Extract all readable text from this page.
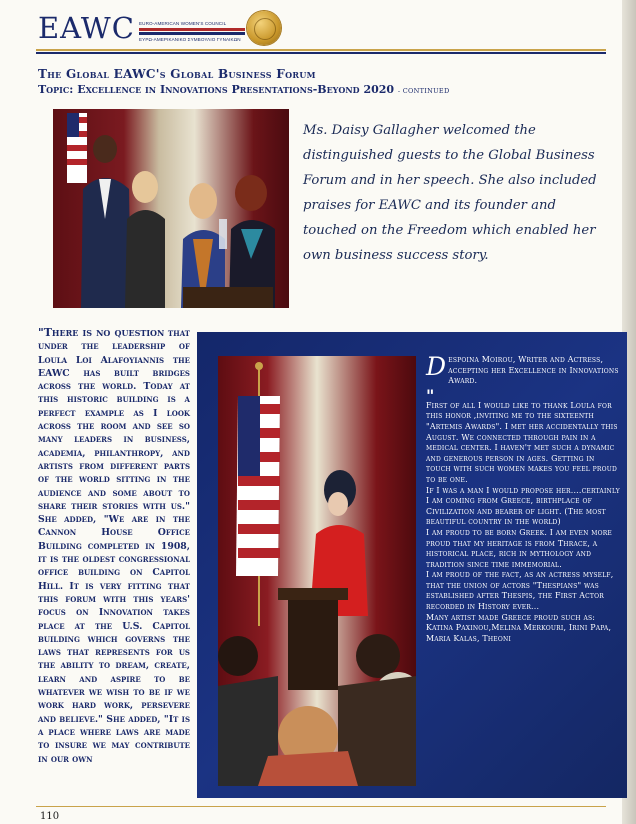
EAWC EURO-AMERICAN WOMEN'S COUNCIL
ΕΥΡΩ-ΑΜΕΡΙΚΑΝΙΚΟ ΣΥΜΒΟΥΛΙΟ ΓΥΝΑΙΚΩΝ
The Global EAWC's Global Business Forum
Topic: Excellence in Innovations Presentations-Beyond 2020 - CONTINUED
Ms. Daisy Gallagher welcomed the distinguished guests to the Global Business Forum and in her speech. She also included praises for EAWC and its founder and touched on the Freedom which enabled her own business success story.
"There is no question that under the leadership of Loula Loi Alafoyiannis the EAWC has built bridges across the world. Today at this historic building is a perfect example as I look across the room and see so many leaders in business, academia, philanthropy, and artists from different parts of the world sitting in the audience and some about to share their stories with us." She added, "We are in the Cannon House Office Building completed in 1908, it is the oldest congressional office building on Capitol Hill. It is very fitting that this forum with this years' focus on Innovation takes place at the U.S. Capitol building which governs the laws that represents for us the ability to dream, create, learn and aspire to be whatever we wish to be if we work hard work, persevere and believe." She added, "It is a place where laws are made to insure we may contribute in our own
D espoina Moirou, Writer and Actress, accepting her Excellence in Innovations Award.
"
First of all I would like to thank Loula for this honor ,inviting me to the sixteenth "Artemis Awards". I met her accidentally this August. We connected through pain in a medical center. I haven't met such a dynamic and generous person in ages. Getting in touch with such women makes you feel proud to be one.
If I was a man I would propose her....certainly
I am coming from Greece, birthplace of Civilization and bearer of light. (The most beautiful country in the world)
I am proud to be born Greek. I am even more proud that my heritage is from Thrace, a historical place, rich in mythology and tradition since time immemorial.
I am proud of the fact, as an actress myself, that the union of actors "Thespians" was established after Thespis, the First Actor recorded in History ever...
Many artist made Greece proud such as:
Katina Paxinou,Melina Merkouri, Irini Papa, Maria Kalas, Theoni
110
